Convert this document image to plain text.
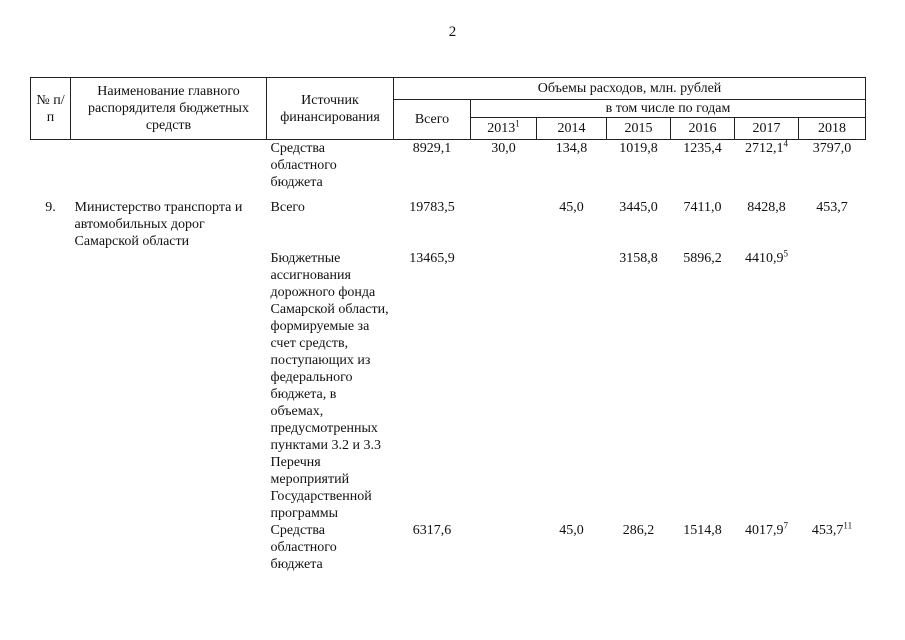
2
№ п/п	Наименование главного распорядителя бюджетных средств	Источник финансирования	Объемы расходов, млн. рублей						
			Всего	в том числе по годам					
				2013$^1$	2014	2015	2016	2017	2018
		Средства областного бюджета	8929,1	30,0	134,8	1019,8	1235,4	2712,1$^4$	3797,0

9.	Министерство транспорта и автомобильных дорог Самарской области	Всего	19783,5		45,0	3445,0	7411,0	8428,8	453,7
		Бюджетные ассигнования дорожного фонда Самарской области, формируемые за счет средств, поступающих из федерального бюджета, в объемах, предусмотренных пунктами 3.2 и 3.3 Перечня мероприятий Государственной программы	13465,9			3158,8	5896,2	4410,9$^5$	
		Средства областного бюджета	6317,6		45,0	286,2	1514,8	4017,9$^7$	453,7$^{11}$
